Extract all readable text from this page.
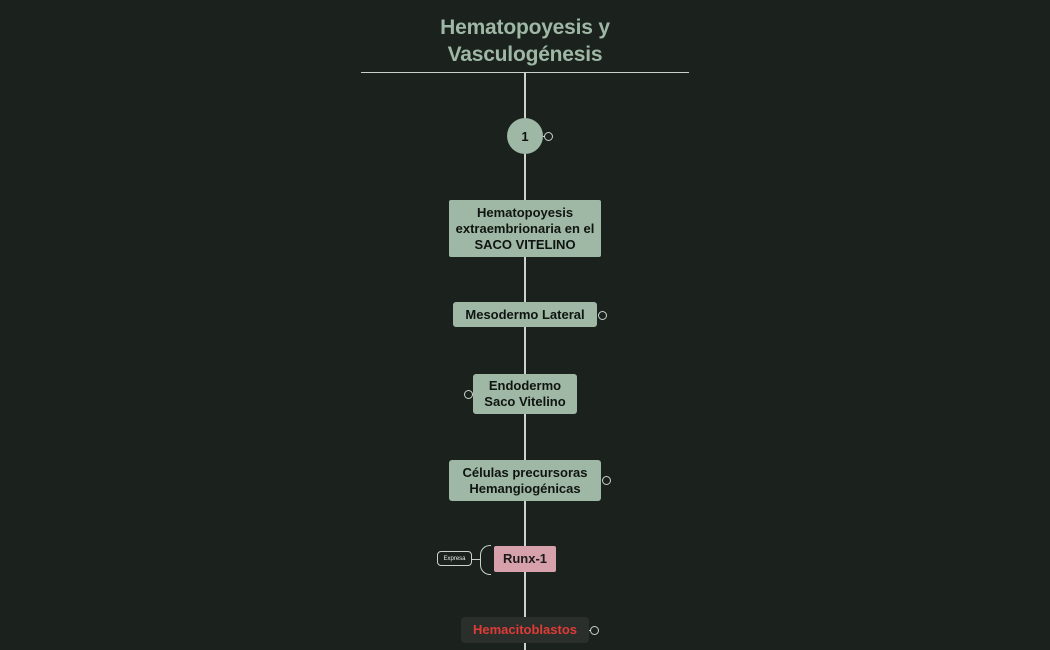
Hematopoyesis y Vasculogénesis
1
Hematopoyesis extraembrionaria en el SACO VITELINO
Mesodermo Lateral
Endodermo Saco Vitelino
Células precursoras Hemangiogénicas
Expresa	Runx-1
Hemacitoblastos
